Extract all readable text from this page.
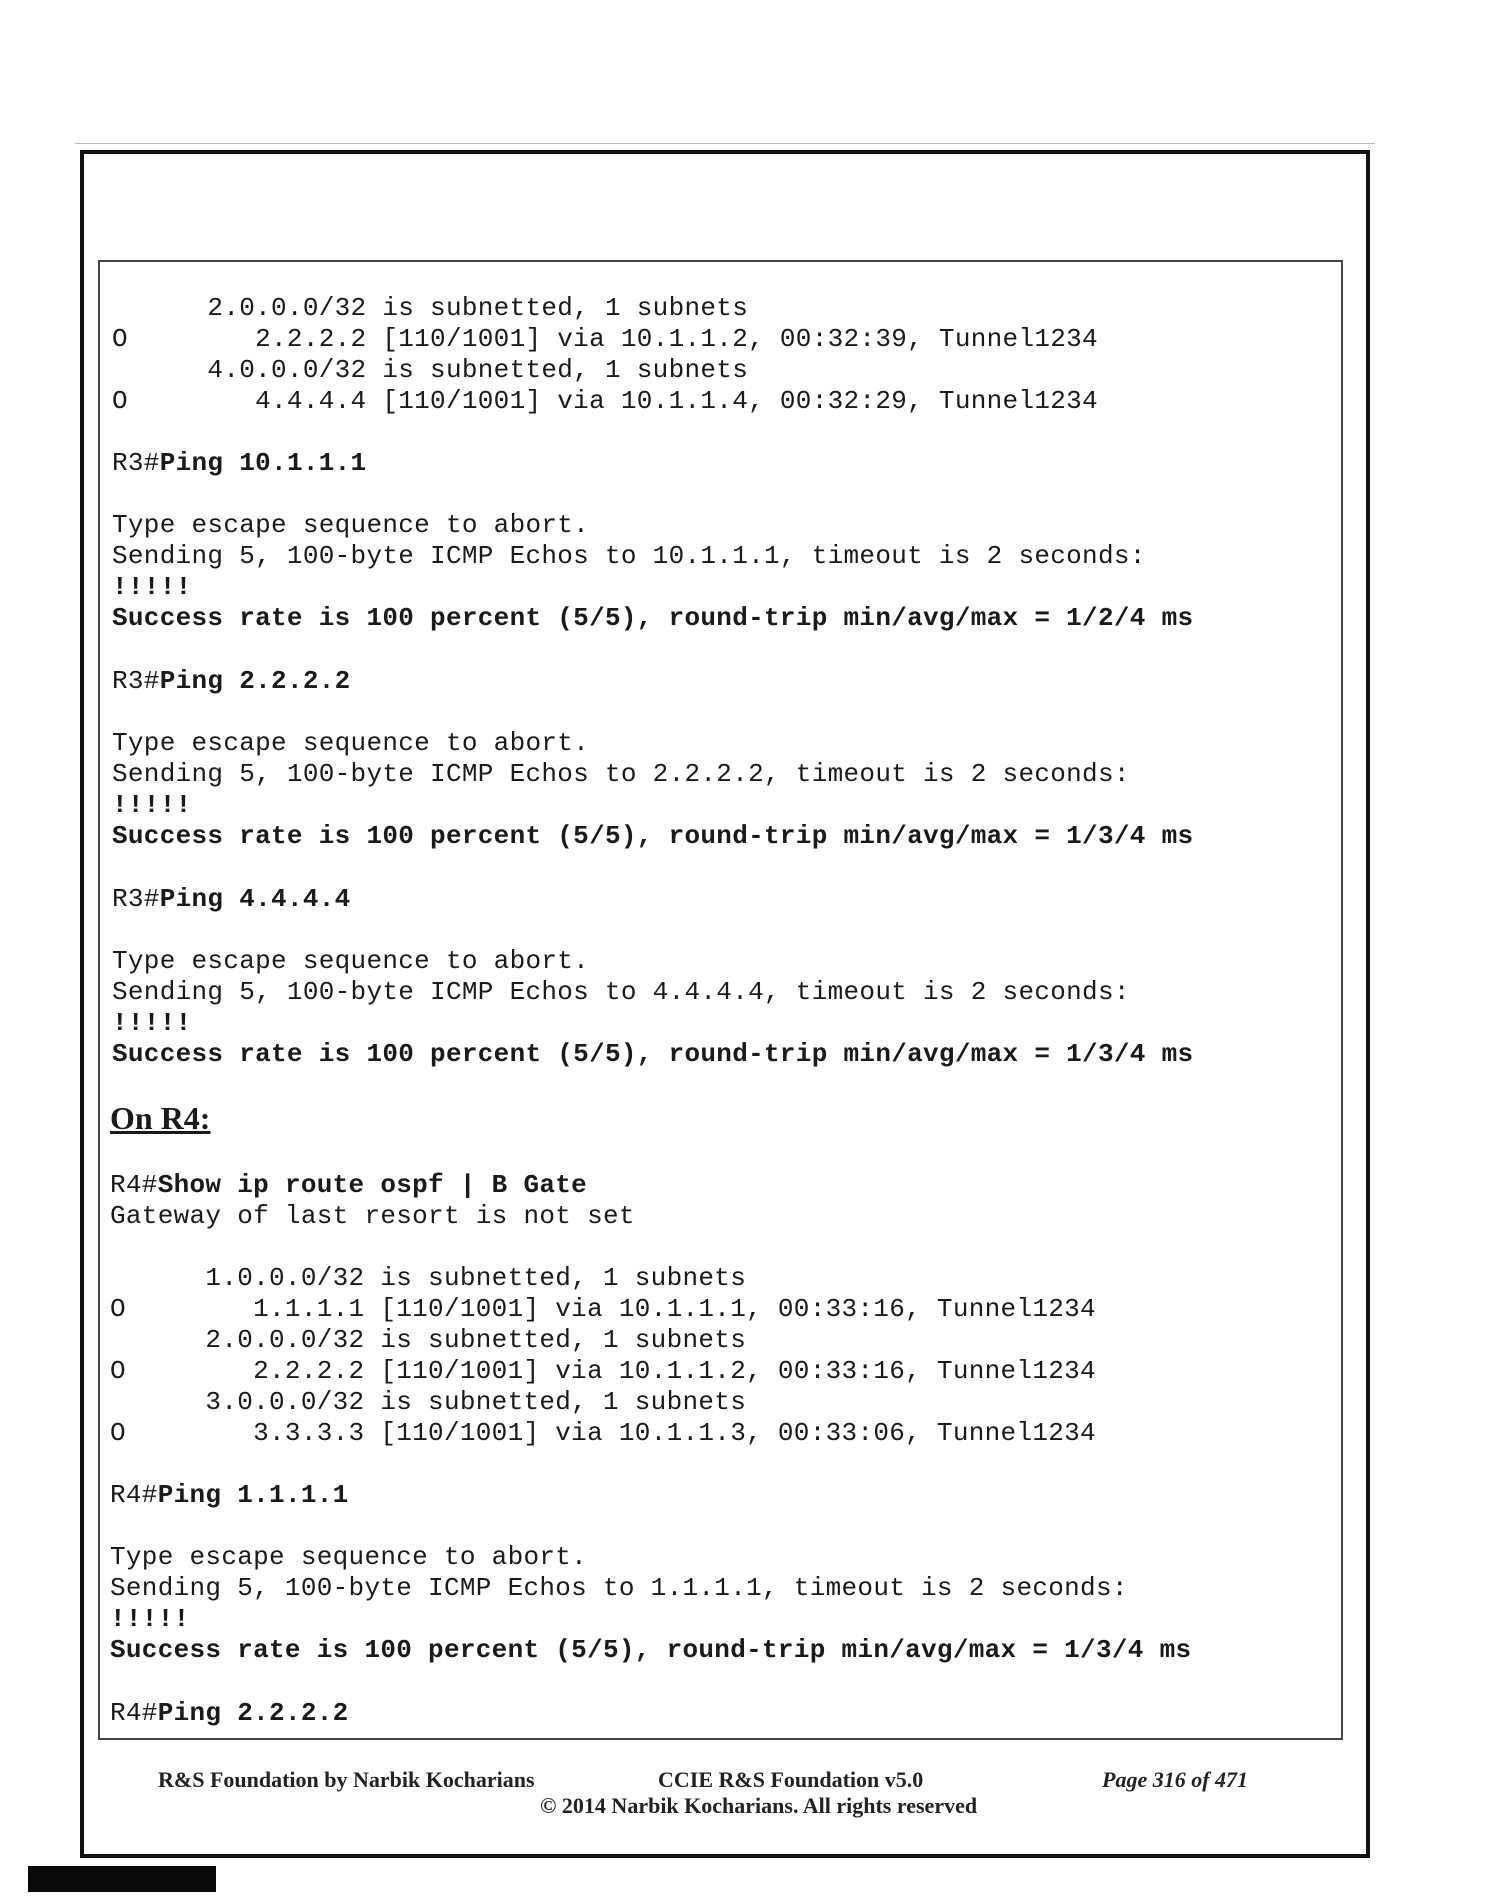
2.0.0.0/32 is subnetted, 1 subnets
O        2.2.2.2 [110/1001] via 10.1.1.2, 00:32:39, Tunnel1234
4.0.0.0/32 is subnetted, 1 subnets
O        4.4.4.4 [110/1001] via 10.1.1.4, 00:32:29, Tunnel1234
R3#Ping 10.1.1.1
Type escape sequence to abort.
Sending 5, 100-byte ICMP Echos to 10.1.1.1, timeout is 2 seconds:
!!!!!
Success rate is 100 percent (5/5), round-trip min/avg/max = 1/2/4 ms
R3#Ping 2.2.2.2
Type escape sequence to abort.
Sending 5, 100-byte ICMP Echos to 2.2.2.2, timeout is 2 seconds:
!!!!!
Success rate is 100 percent (5/5), round-trip min/avg/max = 1/3/4 ms
R3#Ping 4.4.4.4
Type escape sequence to abort.
Sending 5, 100-byte ICMP Echos to 4.4.4.4, timeout is 2 seconds:
!!!!!
Success rate is 100 percent (5/5), round-trip min/avg/max = 1/3/4 ms
R4#Show ip route ospf | B Gate
Gateway of last resort is not set
1.0.0.0/32 is subnetted, 1 subnets
O        1.1.1.1 [110/1001] via 10.1.1.1, 00:33:16, Tunnel1234
2.0.0.0/32 is subnetted, 1 subnets
O        2.2.2.2 [110/1001] via 10.1.1.2, 00:33:16, Tunnel1234
3.0.0.0/32 is subnetted, 1 subnets
O        3.3.3.3 [110/1001] via 10.1.1.3, 00:33:06, Tunnel1234
R4#Ping 1.1.1.1
Type escape sequence to abort.
Sending 5, 100-byte ICMP Echos to 1.1.1.1, timeout is 2 seconds:
!!!!!
Success rate is 100 percent (5/5), round-trip min/avg/max = 1/3/4 ms
R4#Ping 2.2.2.2
On R4:
R&S Foundation by Narbik Kocharians	CCIE R&S Foundation v5.0	Page 316 of 471
© 2014 Narbik Kocharians. All rights reserved
